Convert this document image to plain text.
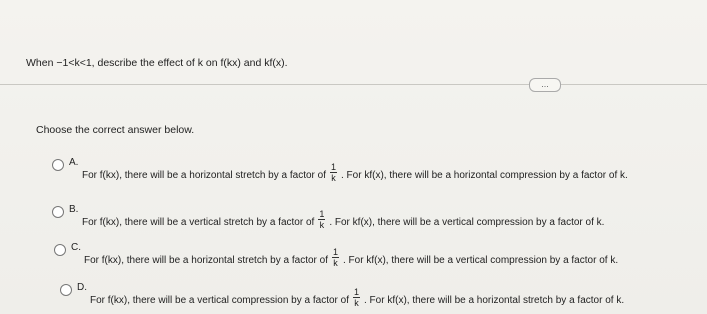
When −1<k<1, describe the effect of k on f(kx) and kf(x).
...
Choose the correct answer below.
A.
For f(kx), there will be a horizontal stretch by a factor of $\frac{1}{k}$ . For kf(x), there will be a horizontal compression by a factor of k.
B.
For f(kx), there will be a vertical stretch by a factor of $\frac{1}{k}$ . For kf(x), there will be a vertical compression by a factor of k.
C.
For f(kx), there will be a horizontal stretch by a factor of $\frac{1}{k}$ . For kf(x), there will be a vertical compression by a factor of k.
D.
For f(kx), there will be a vertical compression by a factor of $\frac{1}{k}$ . For kf(x), there will be a horizontal stretch by a factor of k.
